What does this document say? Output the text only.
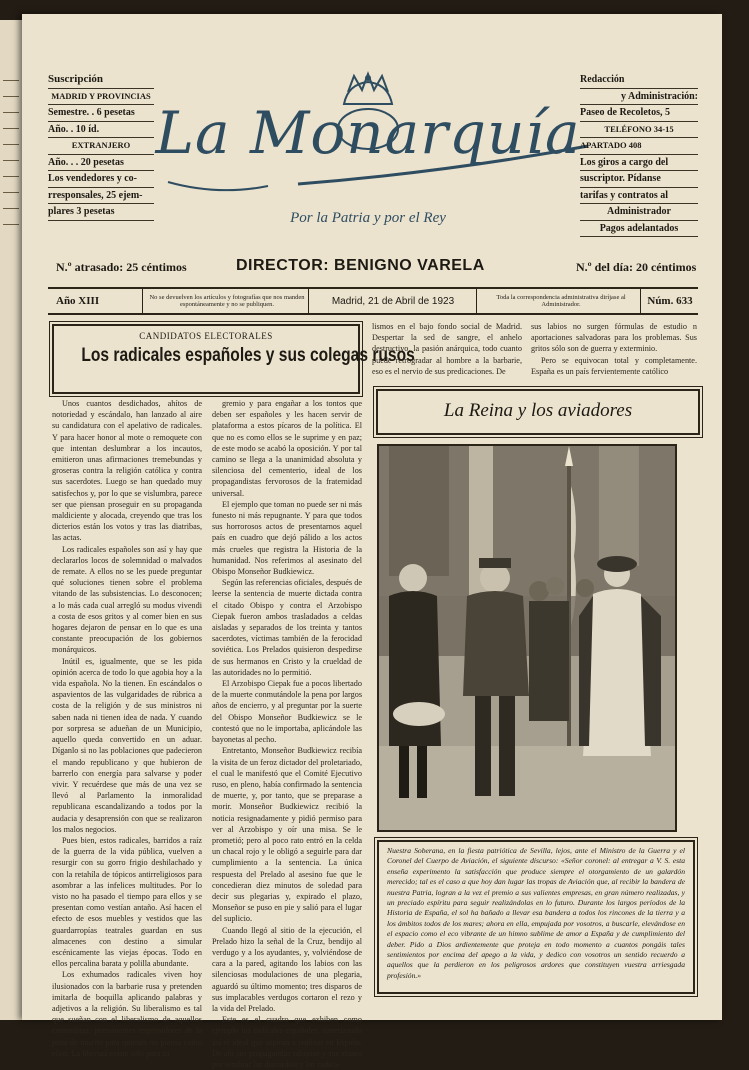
Suscripción
MADRID Y PROVINCIAS
Semestre. . 6 pesetas
Año. . 10 íd.
EXTRANJERO
Año. . . 20 pesetas
Los vendedores y co-
rresponsales, 25 ejem-
plares 3 pesetas
La Monarquía
Por la Patria y por el Rey
Redacción
y Administración:
Paseo de Recoletos, 5
TELÉFONO 34-15
APARTADO 408
Los giros a cargo del
suscriptor. Pídanse
tarifas y contratos al
Administrador
Pagos adelantados
N.º atrasado: 25 céntimos	DIRECTOR: BENIGNO VARELA	N.º del día: 20 céntimos
Año XIII	No se devuelven los artículos y fotografías que nos manden espontáneamente y no se publiquen.	Madrid, 21 de Abril de 1923	Toda la correspondencia administrativa diríjase al Administrador.	Núm. 633
CANDIDATOS ELECTORALES
Los radicales españoles y sus colegas rusos

Unos cuantos desdichados, ahítos de notoriedad y escándalo, han lanzado al aire su candidatura con el apelativo de radicales. Y para hacer honor al mote o remoquete con que intentan deslumbrar a los incautos, emitieron unas afirmaciones tremebundas y groseras contra la religión católica y contra sus sacerdotes. Luego se han quedado muy satisfechos y, por lo que se vislumbra, parece ser que piensan proseguir en su propaganda maldiciente y alocada, creyendo que tras los dicterios están los votos y tras las diatribas, las actas.

Los radicales españoles son así y hay que declararlos locos de solemnidad o malvados de remate. A ellos no se les puede preguntar qué soluciones tienen sobre el problema vitando de las subsistencias. Lo desconocen; a lo más cada cual arregló su modus vivendi a costa de esos gritos y al comer bien en sus hogares dejaron de pensar en lo que es una constante preocupación de los gobiernos monárquicos.

Inútil es, igualmente, que se les pida opinión acerca de todo lo que agobia hoy a la vida española. No la tienen. En escándalos o aspavientos de las vulgaridades de rúbrica a costa de la religión y de sus ministros ni saben nada ni tienen idea de nada. Y cuando por sorpresa se adueñan de un Municipio, aquello queda convertido en un aduar. Díganlo si no las poblaciones que padecieron el mando republicano y que hubieron de barrerlo con energía para salvarse y poder vivir. Y recuérdese que más de una vez se llevó al Parlamento la inmoralidad republicana escandalizando a todos por la audacia y desaprensión con que se realizaron los malos negocios.

Pues bien, estos radicales, barridos a raíz de la guerra de la vida pública, vuelven a resurgir con su gorro frigio deshilachado y con la retahíla de tópicos antirreligiosos para asombrar a las infelices multitudes. Por lo visto no ha pasado el tiempo para ellos y se presentan como vestían antaño. Así hacen el efecto de esos muebles y vestidos que las guardarropías teatrales guardan en sus almacenes con destino a simular escénicamente las viejas épocas. Todo en ellos percalina barata y polilla abundante.

Los exhumados radicales viven hoy ilusionados con la barbarie rusa y pretenden imitarla de boquilla aplicando palabras y adjetivos a la religión. Su liberalismo es tal que sueñan con el liberalismo de aquellos comunistas, permanentes esgrimidores de la pena de muerte para quienes no piensa como ellos. La libertad existe sólo para su

gremio y para engañar a los tontos que deben ser españoles y les hacen servir de plataforma a estos pícaros de la política. El que no es como ellos se le suprime y en paz; de este modo se acabó la oposición. Y por tal camino se llega a la unanimidad absoluta y silenciosa del cementerio, ideal de los propagandistas fervorosos de la fraternidad universal.

El ejemplo que toman no puede ser ni más funesto ni más repugnante. Y para que todos sus horrorosos actos de presentarnos aquel país en cuadro que dejó pálido a los actos más crueles que registra la Historia de la humanidad. Nos referimos al asesinato del Obispo Monseñor Budkiewicz.

Según las referencias oficiales, después de leerse la sentencia de muerte dictada contra el citado Obispo y contra el Arzobispo Ciepak fueron ambos trasladados a celdas aisladas y separados de los treinta y tantos sacerdotes, víctimas también de la ferocidad soviética. Los Prelados quisieron despedirse de sus hermanos en Cristo y la crueldad de las autoridades no lo permitió.

El Arzobispo Ciepak fue a pocos libertado de la muerte conmutándole la pena por largos años de encierro, y al preguntar por la suerte del Obispo Monseñor Budkiewicz se le contestó que no le importaba, aplicándole las bayonetas al pecho.

Entretanto, Monseñor Budkiewicz recibía la visita de un feroz dictador del proletariado, el cual le manifestó que el Comité Ejecutivo ruso, en pleno, había confirmado la sentencia de muerte, y, por tanto, que se preparase a morir. Monseñor Budkiewicz recibió la noticia resignadamente y pidió permiso para ver al Arzobispo y oír una misa. Se le prometió; pero al poco rato entró en la celda un chacal rojo y le obligó a seguirle para dar cumplimiento a la sentencia. La única respuesta del Prelado al asesino fue que le concedieran diez minutos de soledad para decir sus plegarias y, expirado el plazo, Monseñor se puso en pie y salió para el lugar del suplicio.

Cuando llegó al sitio de la ejecución, el Prelado hizo la señal de la Cruz, bendijo al verdugo y a los ayudantes, y, volviéndose de cara a la pared, agitando los labios con las silenciosas modulaciones de una plegaria, aguardó su último momento; tres disparos de sus implacables verdugos cortaron el rezo y la vida del Prelado.

Este es el cuadro que exhiben como ejemplo los radicales españoles, sintetizando así el ideal que aspiran a realizar en España. De ahí sus propagandas rabiosas y sus afanes por sembrar las discordias y los radica-

lismos en el bajo fondo social de Madrid. Despertar la sed de sangre, el anhelo destructivo, la pasión anárquica, todo cuanto puede retrogradar al hombre a la barbarie, eso es el nervio de sus predicaciones. De

sus labios no surgen fórmulas de estudio n aportaciones salvadoras para los problemas. Sus gritos sólo son de guerra y exterminio.

Pero se equivocan total y completamente. España es un país fervientemente católico

La Reina y los aviadores
Nuestra Soberana, en la fiesta patriótica de Sevilla, lejos, ante el Ministro de la Guerra y el Coronel del Cuerpo de Aviación, el siguiente discurso: «Señor coronel: al entregar a V. S. esta enseña experimento la satisfacción que produce siempre el otorgamiento de un galardón merecido; tal es el caso a que hoy dan lugar las tropas de Aviación que, al recibir la bandera de nuestra Patria, logran a la vez el premio a sus valientes empresas, en gran número realizadas, y un preciado espíritu para seguir realizándolas en lo futuro. Durante los largos períodos de la Historia de España, el sol ha bañado a llevar esa bandera a todos los rincones de la tierra y a los ámbitos todos de los mares; ahora en ella, empujada por vosotros, a buscarle, elevándose en el espacio como el eco vibrante de un himno sublime de amor a España y de cumplimiento del deber. Pido a Dios ardientemente que proteja en todo momento a cuantos pongáis tales sentimientos por encima del apego a la vida, y dedico con vosotros un sentido recuerdo a aquellos que la perdieron en los peligrosos ardores que constituyen vuestra arriesgada profesión.»
